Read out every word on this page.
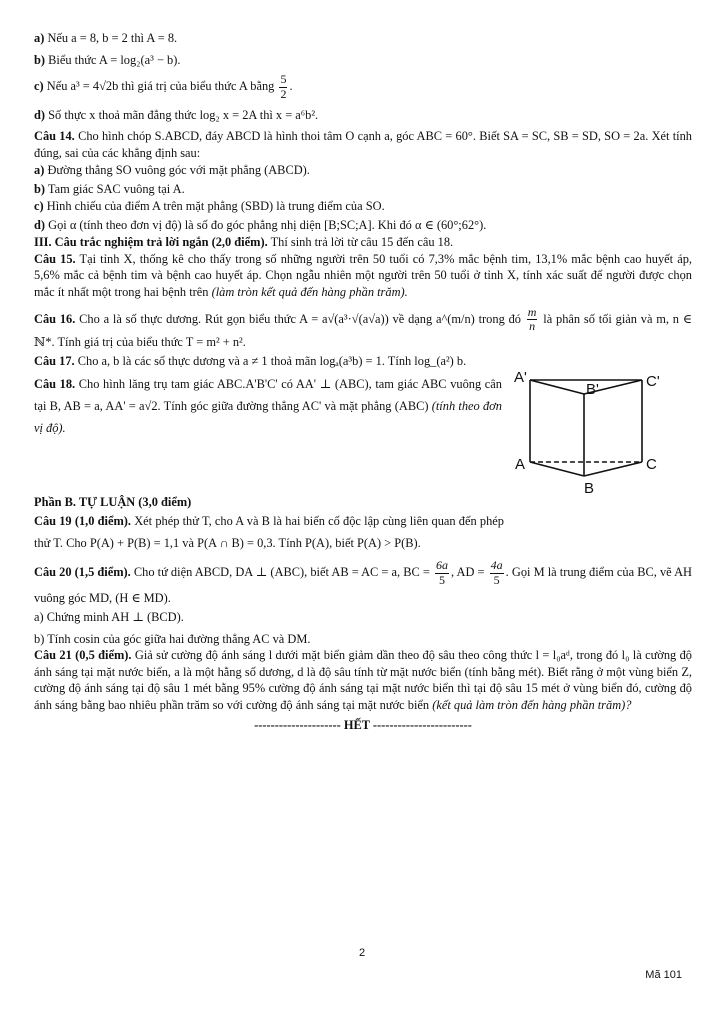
a) Nếu a = 8, b = 2 thì A = 8.

b) Biểu thức A = log₂(a³ − b).

c) Nếu a³ = 4√2b thì giá trị của biểu thức A bằng $\frac{5}{2}$ .

d) Số thực x thoả mãn đẳng thức log₂ x = 2A thì x = a⁶b².

Câu 14. Cho hình chóp S.ABCD, đáy ABCD là hình thoi tâm O cạnh a, góc ABC = 60°. Biết SA = SC, SB = SD, SO = 2a. Xét tính đúng, sai của các khẳng định sau:

a) Đường thẳng SO vuông góc với mặt phẳng (ABCD).

b) Tam giác SAC vuông tại A.

c) Hình chiếu của điểm A trên mặt phẳng (SBD) là trung điểm của SO.

d) Gọi α (tính theo đơn vị độ) là số đo góc phẳng nhị diện [B;SC;A]. Khi đó α ∈ (60°;62°).

III. Câu trắc nghiệm trả lời ngắn (2,0 điểm). Thí sinh trả lời từ câu 15 đến câu 18.

Câu 15. Tại tỉnh X, thống kê cho thấy trong số những người trên 50 tuổi có 7,3% mắc bệnh tim, 13,1% mắc bệnh cao huyết áp, 5,6% mắc cả bệnh tim và bệnh cao huyết áp. Chọn ngẫu nhiên một người trên 50 tuổi ở tỉnh X, tính xác suất để người được chọn mắc ít nhất một trong hai bệnh trên (làm tròn kết quả đến hàng phần trăm).

Câu 16. Cho a là số thực dương. Rút gọn biểu thức A = a√(a³·√(a√a)) về dạng a^(m/n) trong đó $\frac{m}{n}$ là phân số tối giản và m, n ∈ ℕ*. Tính giá trị của biểu thức T = m² + n².

Câu 17. Cho a, b là các số thực dương và a ≠ 1 thoả mãn logₐ(a³b) = 1. Tính log_(a²) b.

Câu 18. Cho hình lăng trụ tam giác ABC.A'B'C' có AA' ⊥ (ABC), tam giác ABC vuông cân tại B, AB = a, AA' = a√2. Tính góc giữa đường thẳng AC' và mặt phẳng (ABC) (tính theo đơn vị độ).

A'
B'	C'
A
B
C

Phần B. TỰ LUẬN (3,0 điểm)

Câu 19 (1,0 điểm). Xét phép thử T, cho A và B là hai biến cố độc lập cùng liên quan đến phép thử T. Cho P(A) + P(B) = 1,1 và P(A ∩ B) = 0,3. Tính P(A), biết P(A) > P(B).

Câu 20 (1,5 điểm). Cho tứ diện ABCD, DA ⊥ (ABC), biết AB = AC = a, BC = $\frac{6a}{5}$ , AD = $\frac{4a}{5}$ . Gọi M là trung điểm của BC, vẽ AH vuông góc MD, (H ∈ MD).

a) Chứng minh AH ⊥ (BCD).

b) Tính cosin của góc giữa hai đường thẳng AC và DM.

Câu 21 (0,5 điểm). Giả sử cường độ ánh sáng l dưới mặt biển giảm dần theo độ sâu theo công thức l = l₀aᵈ, trong đó l₀ là cường độ ánh sáng tại mặt nước biển, a là một hằng số dương, d là độ sâu tính từ mặt nước biển (tính bằng mét). Biết rằng ở một vùng biển Z, cường độ ánh sáng tại độ sâu 1 mét bằng 95% cường độ ánh sáng tại mặt nước biển thì tại độ sâu 15 mét ở vùng biển đó, cường độ ánh sáng bằng bao nhiêu phần trăm so với cường độ ánh sáng tại mặt nước biển (kết quả làm tròn đến hàng phần trăm)?

--------------------- HẾT ------------------------

2
Mã 101
